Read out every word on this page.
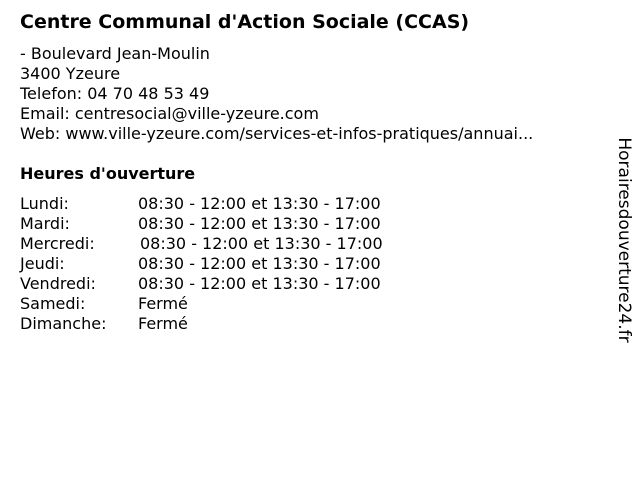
Centre Communal d'Action Sociale (CCAS)
- Boulevard Jean-Moulin
3400 Yzeure
Telefon: 04 70 48 53 49
Email: centresocial@ville-yzeure.com
Web: www.ville-yzeure.com/services-et-infos-pratiques/annuai...
Heures d'ouverture
Lundi:	08:30 - 12:00 et 13:30 - 17:00
Mardi:	08:30 - 12:00 et 13:30 - 17:00
Mercredi:	08:30 - 12:00 et 13:30 - 17:00
Jeudi:	08:30 - 12:00 et 13:30 - 17:00
Vendredi:	08:30 - 12:00 et 13:30 - 17:00
Samedi:	Fermé
Dimanche: Fermé	Horairesdouverture24.fr
